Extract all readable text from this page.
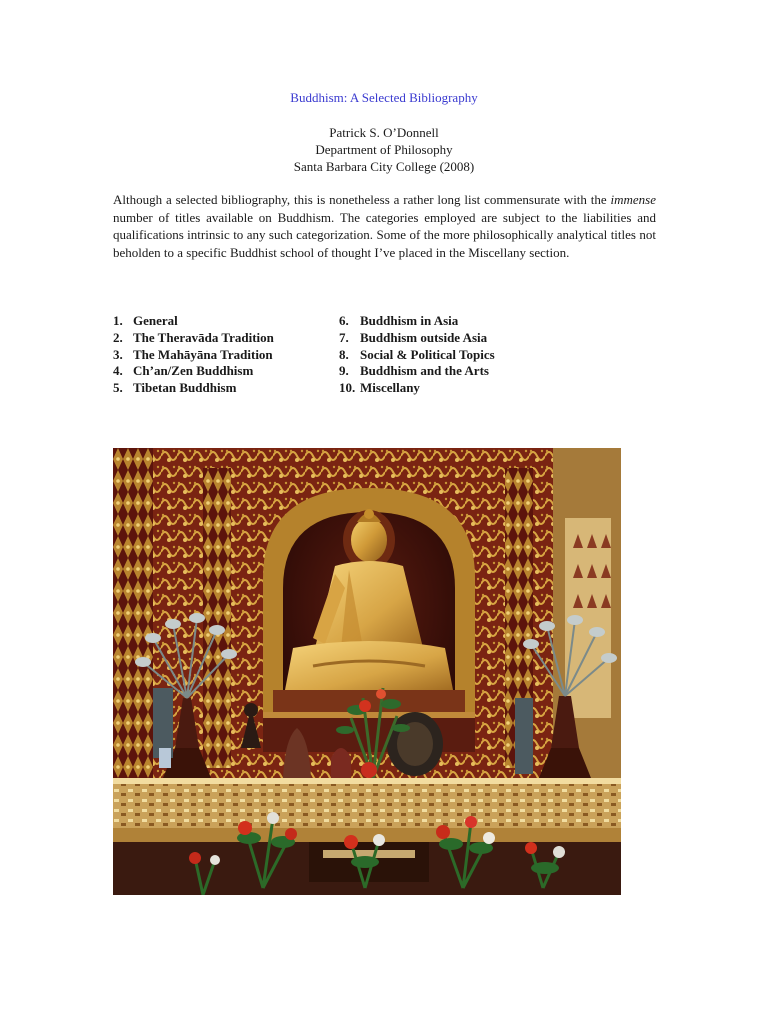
Buddhism: A Selected Bibliography
Patrick S. O’Donnell
Department of Philosophy
Santa Barbara City College (2008)

Although a selected bibliography, this is nonetheless a rather long list commensurate with the immense number of titles available on Buddhism. The categories employed are subject to the liabilities and qualifications intrinsic to any such categorization. Some of the more philosophically analytical titles not beholden to a specific Buddhist school of thought I’ve placed in the Miscellany section.

1. General
2. The Theravāda Tradition
3. The Mahāyāna Tradition
4. Ch’an/Zen Buddhism
5. Tibetan Buddhism
6. Buddhism in Asia
7. Buddhism outside Asia
8. Social & Political Topics
9. Buddhism and the Arts
10. Miscellany
